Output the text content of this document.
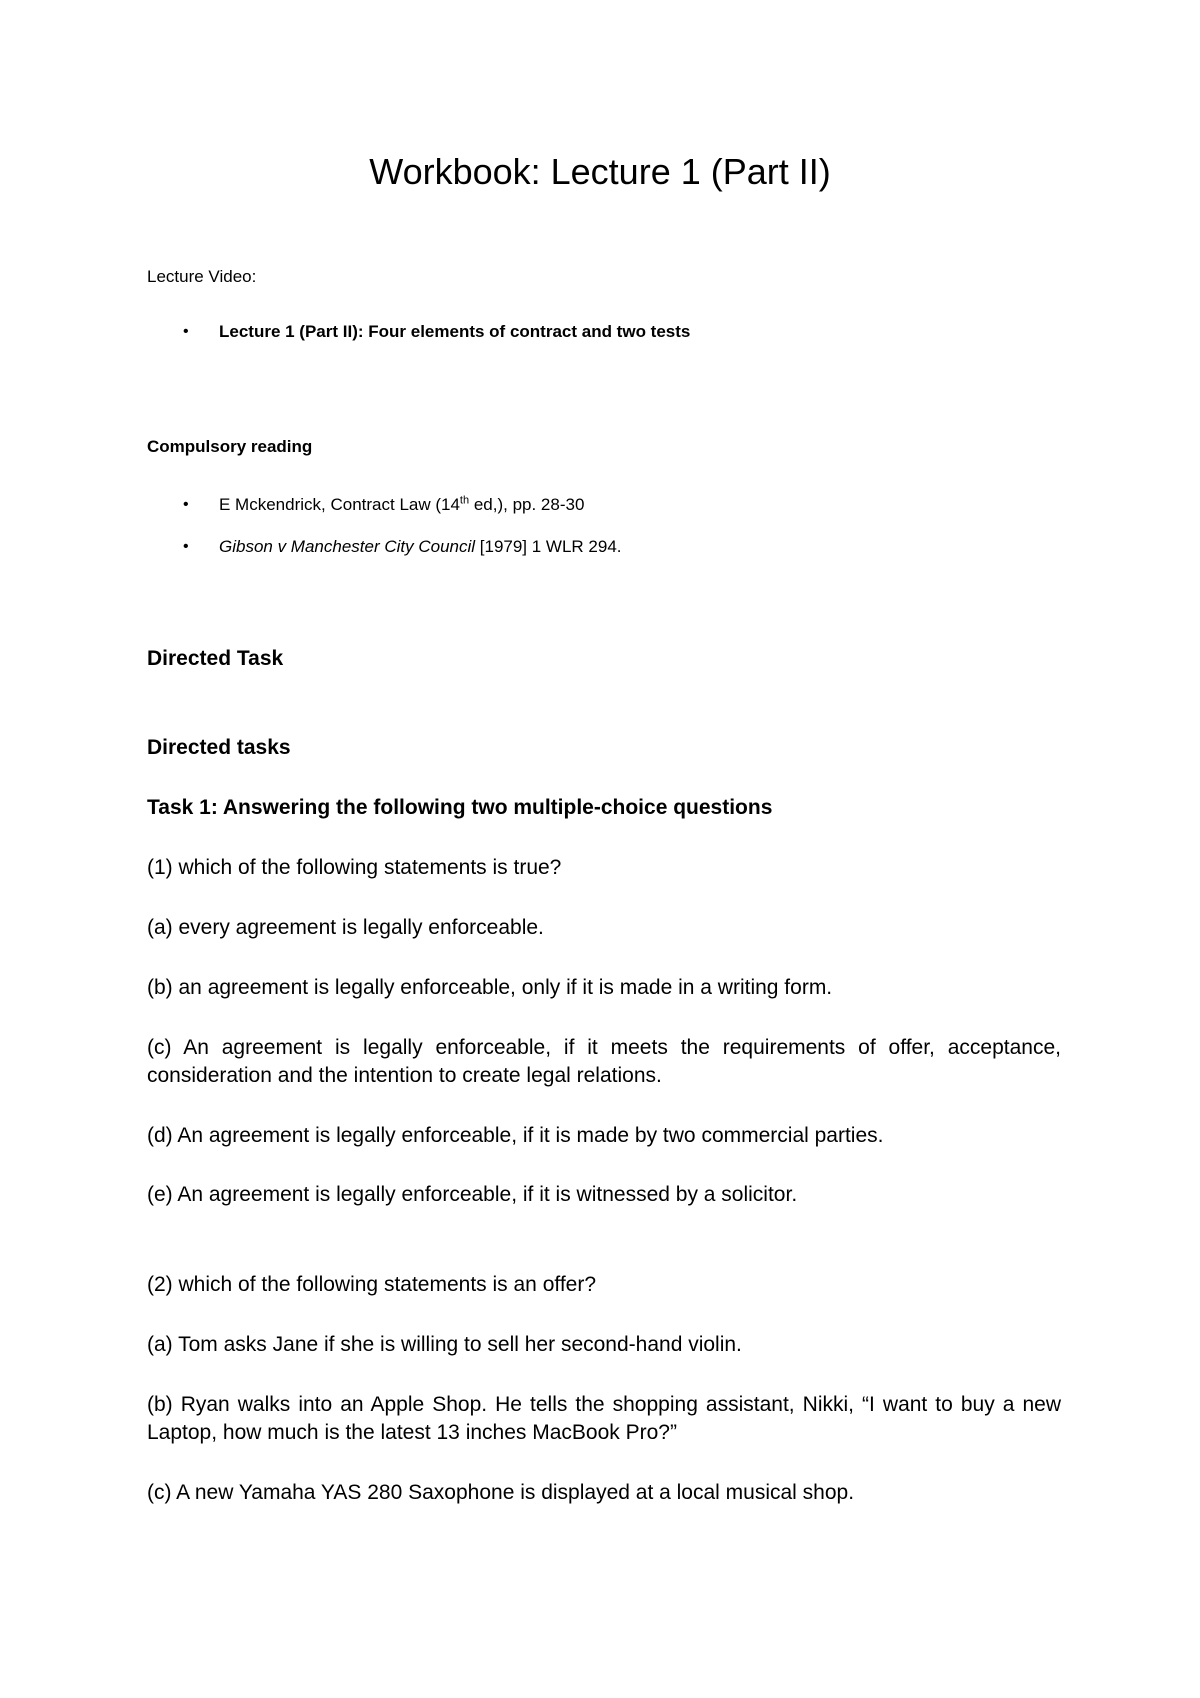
Workbook: Lecture 1 (Part II)

Lecture Video:

• Lecture 1 (Part II): Four elements of contract and two tests

Compulsory reading

• E Mckendrick, Contract Law (14th ed,), pp. 28-30

• Gibson v Manchester City Council [1979] 1 WLR 294.

Directed Task

Directed tasks

Task 1: Answering the following two multiple-choice questions

(1) which of the following statements is true?

(a) every agreement is legally enforceable.

(b) an agreement is legally enforceable, only if it is made in a writing form.

(c) An agreement is legally enforceable, if it meets the requirements of offer, acceptance, consideration and the intention to create legal relations.

(d) An agreement is legally enforceable, if it is made by two commercial parties.

(e) An agreement is legally enforceable, if it is witnessed by a solicitor.

(2) which of the following statements is an offer?

(a) Tom asks Jane if she is willing to sell her second-hand violin.

(b) Ryan walks into an Apple Shop. He tells the shopping assistant, Nikki, “I want to buy a new Laptop, how much is the latest 13 inches MacBook Pro?”

(c) A new Yamaha YAS 280 Saxophone is displayed at a local musical shop.
